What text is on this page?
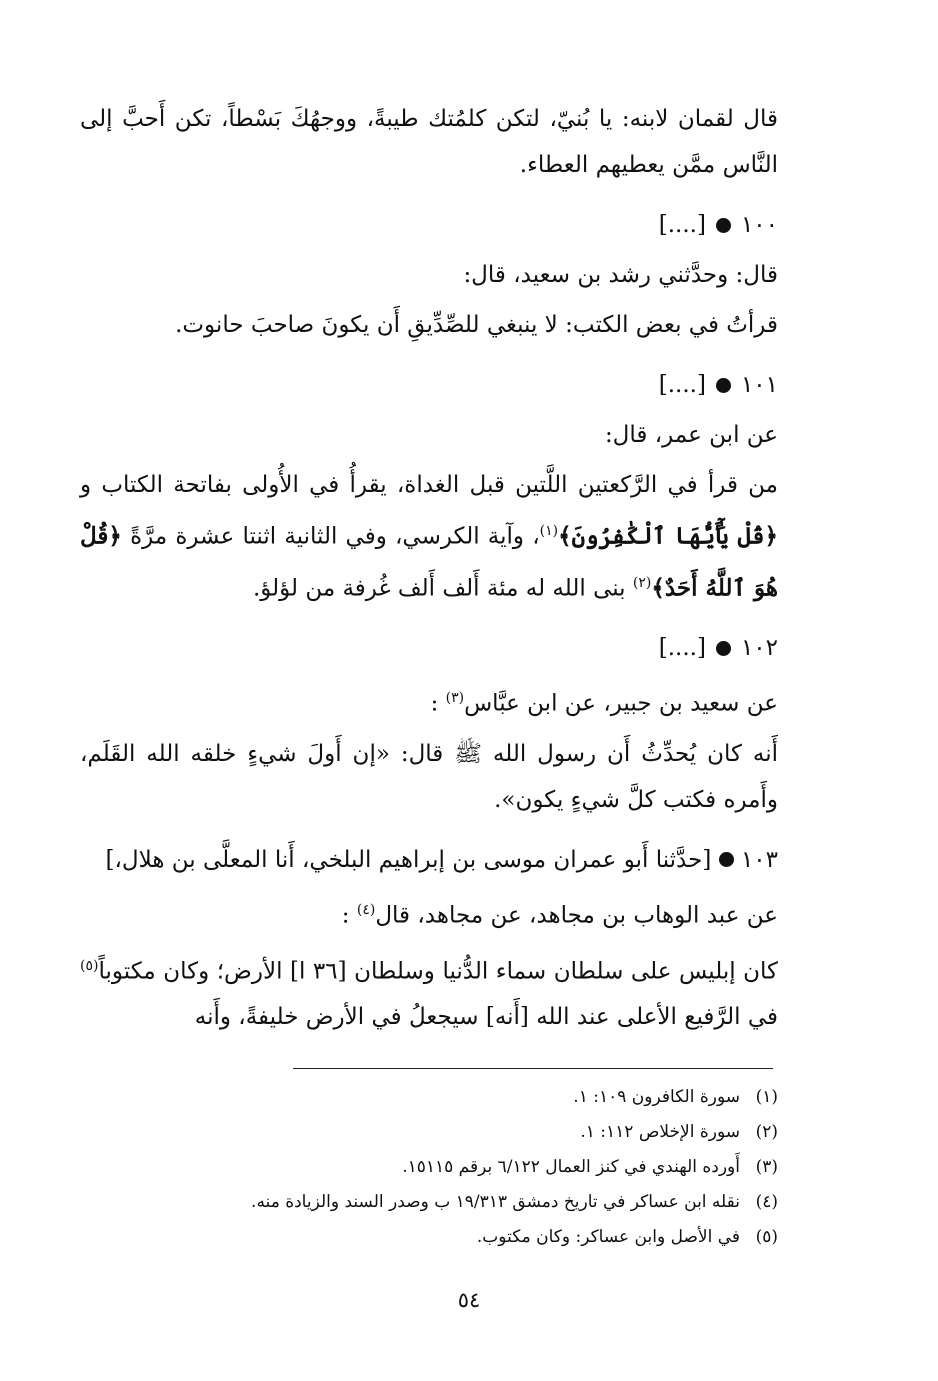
قال لقمان لابنه: يا بُنيّ، لتكن كلمُتك طيبةً، ووجهُكَ بَسْطاً، تكن أَحبَّ إلى النَّاس ممَّن يعطيهم العطاء.

١٠٠
[....]

قال: وحدَّثني رشد بن سعيد، قال:

قرأتُ في بعض الكتب: لا ينبغي للصِّدِّيقِ أَن يكونَ صاحبَ حانوت.

١٠١
[....]

عن ابن عمر، قال:

من قرأ في الرَّكعتين اللَّتين قبل الغداة، يقرأُ في الأُولى بفاتحة الكتاب و ﴿قُلْ يَٰٓأَيُّهَا ٱلْكَٰفِرُونَ﴾$^{(١)}$، وآية الكرسي، وفي الثانية اثنتا عشرة مرَّةً ﴿قُلْ هُوَ ٱللَّهُ أَحَدٌ﴾$^{(٢)}$ بنى الله له مئة أَلف أَلف غُرفة من لؤلؤ.

١٠٢
[....]

عن سعيد بن جبير، عن ابن عبَّاس$^{(٣)}$ :

أَنه كان يُحدِّثُ أَن رسول الله ﷺ قال: «إن أَولَ شيءٍ خلقه الله القَلَم، وأَمره فكتب كلَّ شيءٍ يكون».

١٠٣  [حدَّثنا أَبو عمران موسى بن إبراهيم البلخي، أَنا المعلَّى بن هلال،]

عن عبد الوهاب بن مجاهد، عن مجاهد، قال$^{(٤)}$ :

كان إبليس على سلطان سماء الدُّنيا وسلطان [٣٦ ا] الأرض؛ وكان مكتوباً$^{(٥)}$ في الرَّفيع الأعلى عند الله [أَنه] سيجعلُ في الأرض خليفةً، وأَنه

(١)
سورة الكافرون ١٠٩: ١.
(٢)
سورة الإخلاص ١١٢: ١.
(٣)
أَورده الهندي في كنز العمال ٦/١٢٢ برقم ١٥١١٥.
(٤)
نقله ابن عساكر في تاريخ دمشق ١٩/٣١٣ ب وصدر السند والزيادة منه.
(٥)
في الأصل وابن عساكر: وكان مكتوب.
٥٤
